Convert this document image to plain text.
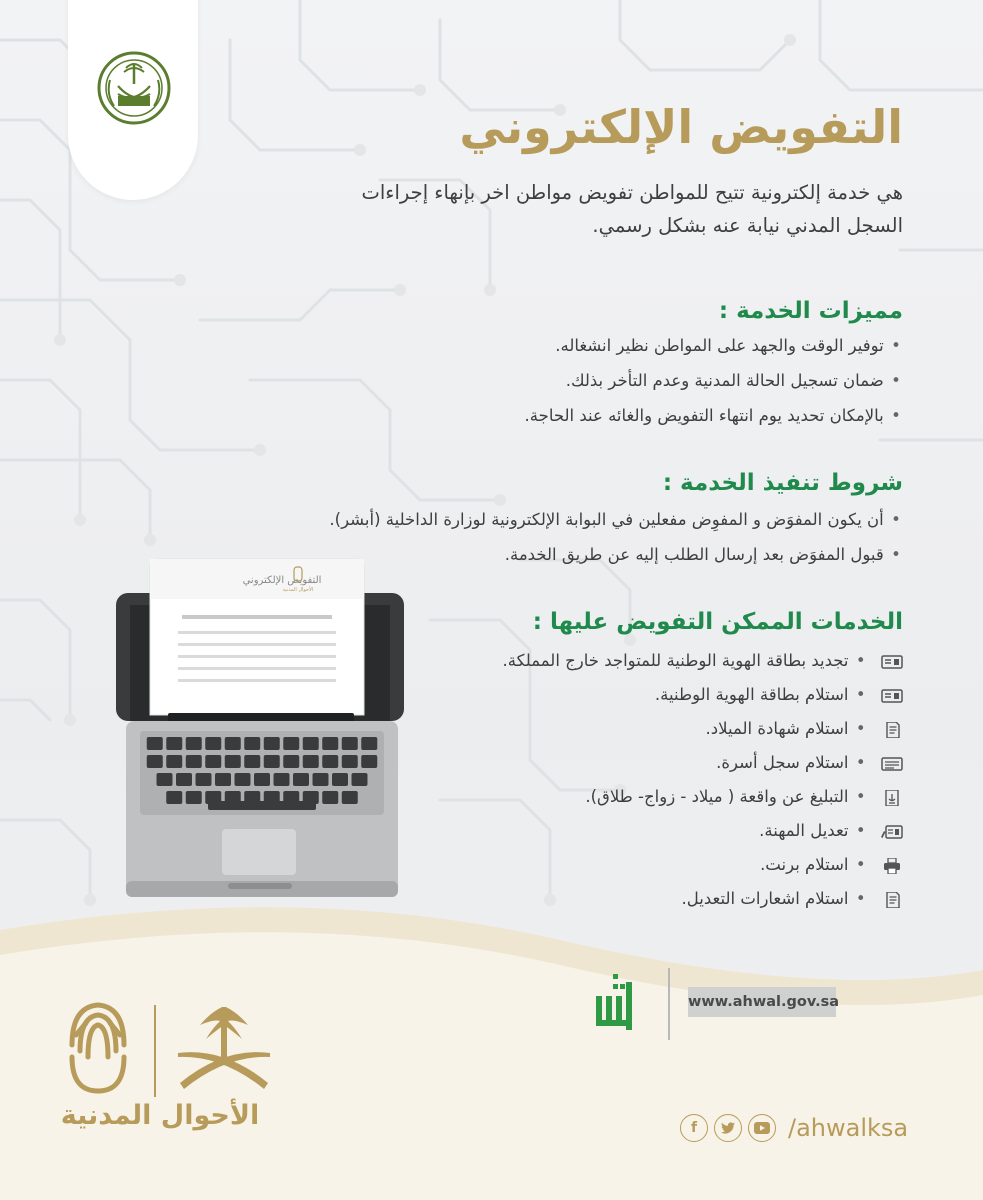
التفويض الإلكتروني

هي خدمة إلكترونية تتيح للمواطن تفويض مواطن اخر بإنهاء إجراءات السجل المدني نيابة عنه بشكل رسمي.

مميزات الخدمة :
• توفير الوقت والجهد على المواطن نظير انشغاله.
• ضمان تسجيل الحالة المدنية وعدم التأخر بذلك.
• بالإمكان تحديد يوم انتهاء التفويض والغائه عند الحاجة.
شروط تنفيذ الخدمة :
• أن يكون المفوَض و المفوِض مفعلين في البوابة الإلكترونية لوزارة الداخلية (أبشر).
• قبول المفوَض بعد إرسال الطلب إليه عن طريق الخدمة.
الخدمات الممكن التفويض عليها :
• تجديد بطاقة الهوية الوطنية للمتواجد خارج المملكة.
• استلام بطاقة الهوية الوطنية.
• استلام شهادة الميلاد.
• استلام سجل أسرة.
• التبليغ عن واقعة ( ميلاد - زواج- طلاق).
• تعديل المهنة.
• استلام برنت.
• استلام اشعارات التعديل.
التفويض الإلكتروني
الأحوال المدنية

الأحوال المدنية

www.ahwal.gov.sa
f	/ahwalksa
